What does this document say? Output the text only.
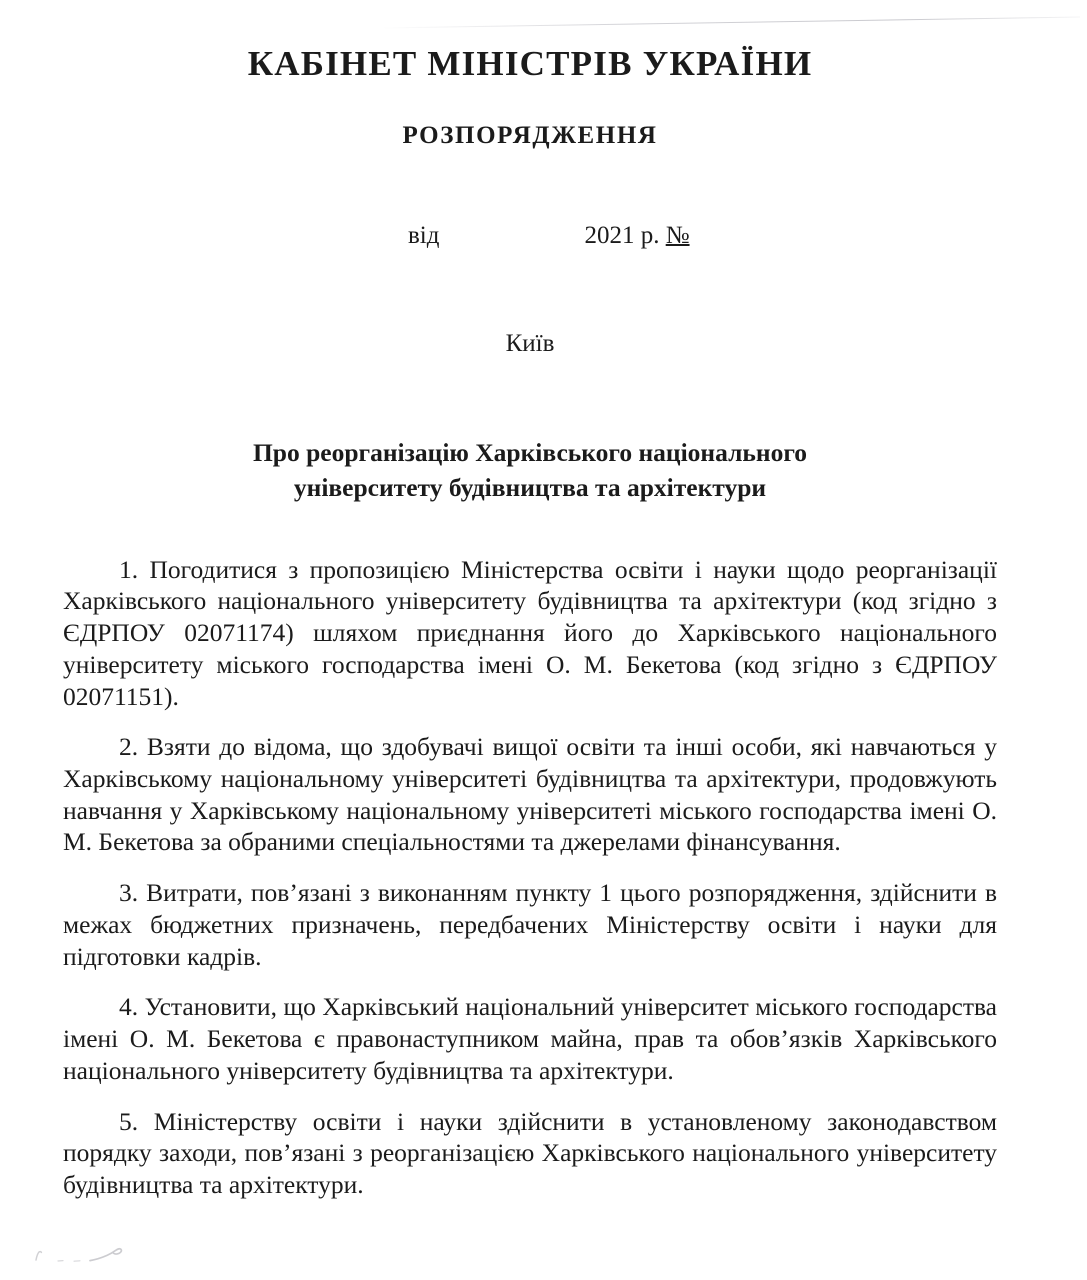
КАБІНЕТ МІНІСТРІВ УКРАЇНИ
РОЗПОРЯДЖЕННЯ

від	2021 р. №

Київ
Про реорганізацію Харківського національного
університету будівництва та архітектури

1. Погодитися з пропозицією Міністерства освіти і науки щодо реорганізації Харківського національного університету будівництва та архітектури (код згідно з ЄДРПОУ 02071174) шляхом приєднання його до Харківського національного університету міського господарства імені О. М. Бекетова (код згідно з ЄДРПОУ 02071151).

2. Взяти до відома, що здобувачі вищої освіти та інші особи, які навчаються у Харківському національному університеті будівництва та архітектури, продовжують навчання у Харківському національному університеті міського господарства імені О. М. Бекетова за обраними спеціальностями та джерелами фінансування.

3. Витрати, пов’язані з виконанням пункту 1 цього розпорядження, здійснити в межах бюджетних призначень, передбачених Міністерству освіти і науки для підготовки кадрів.

4. Установити, що Харківський національний університет міського господарства імені О. М. Бекетова є правонаступником майна, прав та обов’язків Харківського національного університету будівництва та архітектури.

5. Міністерству освіти і науки здійснити в установленому законодавством порядку заходи, пов’язані з реорганізацією Харківського національного університету будівництва та архітектури.
